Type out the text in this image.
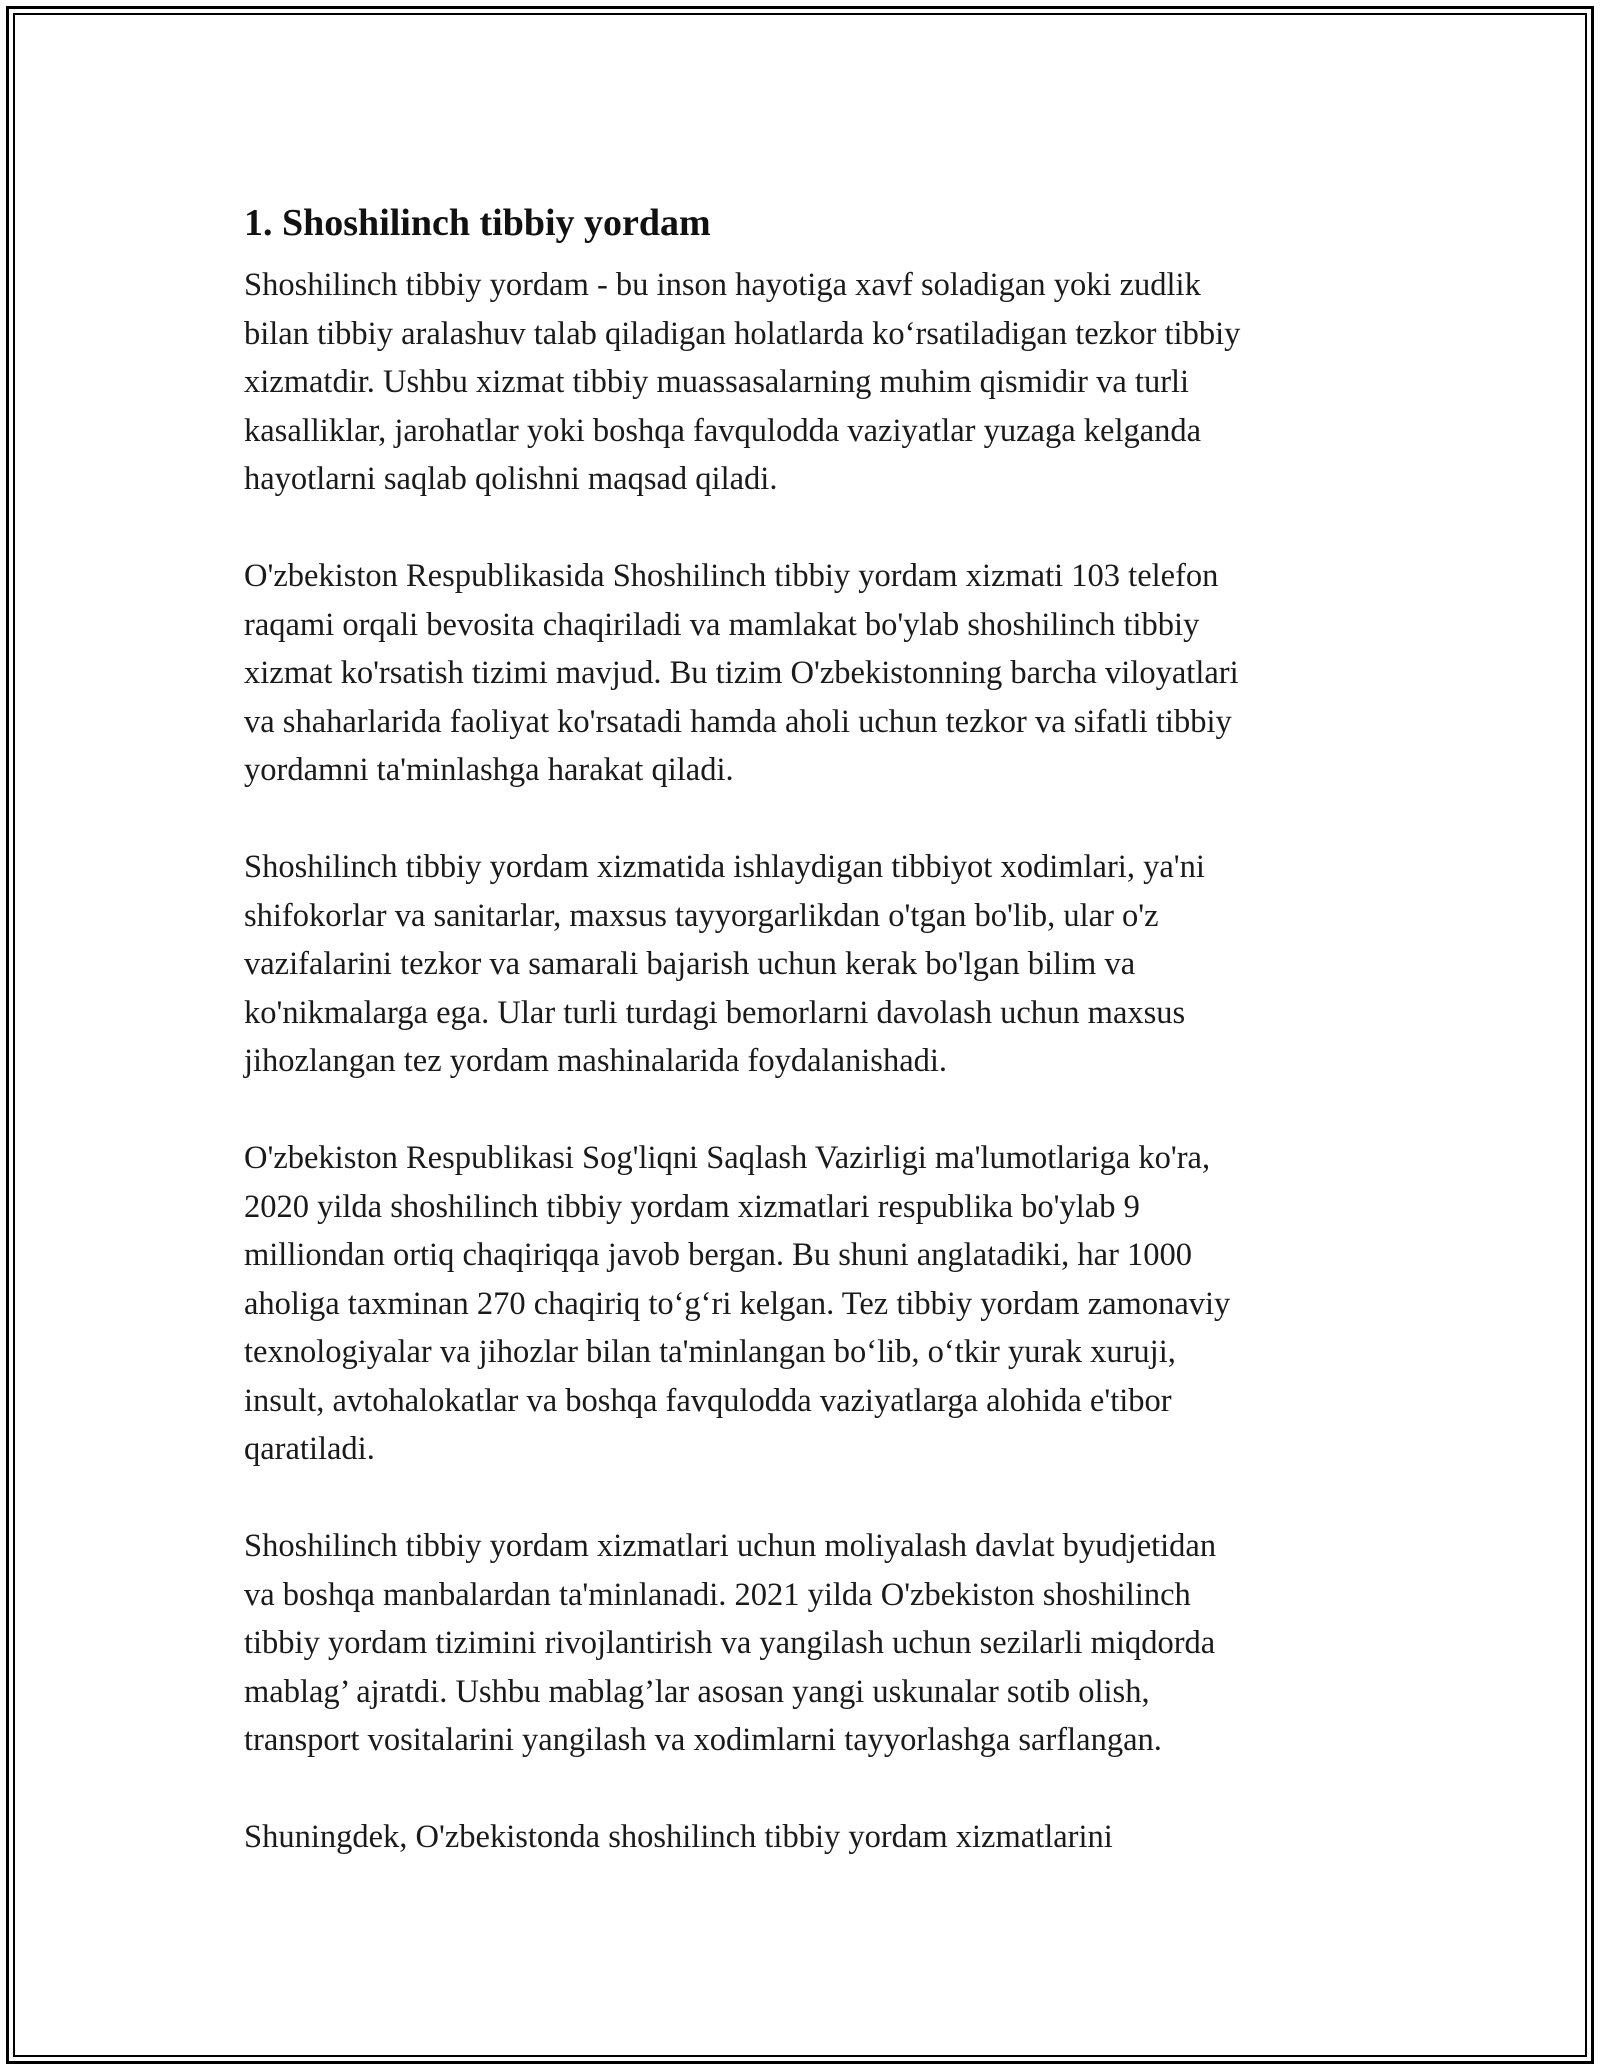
1. Shoshilinch tibbiy yordam
Shoshilinch tibbiy yordam - bu inson hayotiga xavf soladigan yoki zudlik
bilan tibbiy aralashuv talab qiladigan holatlarda koʻrsatiladigan tezkor tibbiy
xizmatdir. Ushbu xizmat tibbiy muassasalarning muhim qismidir va turli
kasalliklar, jarohatlar yoki boshqa favqulodda vaziyatlar yuzaga kelganda
hayotlarni saqlab qolishni maqsad qiladi.
O'zbekiston Respublikasida Shoshilinch tibbiy yordam xizmati 103 telefon
raqami orqali bevosita chaqiriladi va mamlakat bo'ylab shoshilinch tibbiy
xizmat ko'rsatish tizimi mavjud. Bu tizim O'zbekistonning barcha viloyatlari
va shaharlarida faoliyat ko'rsatadi hamda aholi uchun tezkor va sifatli tibbiy
yordamni ta'minlashga harakat qiladi.
Shoshilinch tibbiy yordam xizmatida ishlaydigan tibbiyot xodimlari, ya'ni
shifokorlar va sanitarlar, maxsus tayyorgarlikdan o'tgan bo'lib, ular o'z
vazifalarini tezkor va samarali bajarish uchun kerak bo'lgan bilim va
ko'nikmalarga ega. Ular turli turdagi bemorlarni davolash uchun maxsus
jihozlangan tez yordam mashinalarida foydalanishadi.
O'zbekiston Respublikasi Sog'liqni Saqlash Vazirligi ma'lumotlariga ko'ra,
2020 yilda shoshilinch tibbiy yordam xizmatlari respublika bo'ylab 9
milliondan ortiq chaqiriqqa javob bergan. Bu shuni anglatadiki, har 1000
aholiga taxminan 270 chaqiriq toʻgʻri kelgan. Tez tibbiy yordam zamonaviy
texnologiyalar va jihozlar bilan ta'minlangan boʻlib, oʻtkir yurak xuruji,
insult, avtohalokatlar va boshqa favqulodda vaziyatlarga alohida e'tibor
qaratiladi.
Shoshilinch tibbiy yordam xizmatlari uchun moliyalash davlat byudjetidan
va boshqa manbalardan ta'minlanadi. 2021 yilda O'zbekiston shoshilinch
tibbiy yordam tizimini rivojlantirish va yangilash uchun sezilarli miqdorda
mablag’ ajratdi. Ushbu mablag’lar asosan yangi uskunalar sotib olish,
transport vositalarini yangilash va xodimlarni tayyorlashga sarflangan.
Shuningdek, O'zbekistonda shoshilinch tibbiy yordam xizmatlarini
